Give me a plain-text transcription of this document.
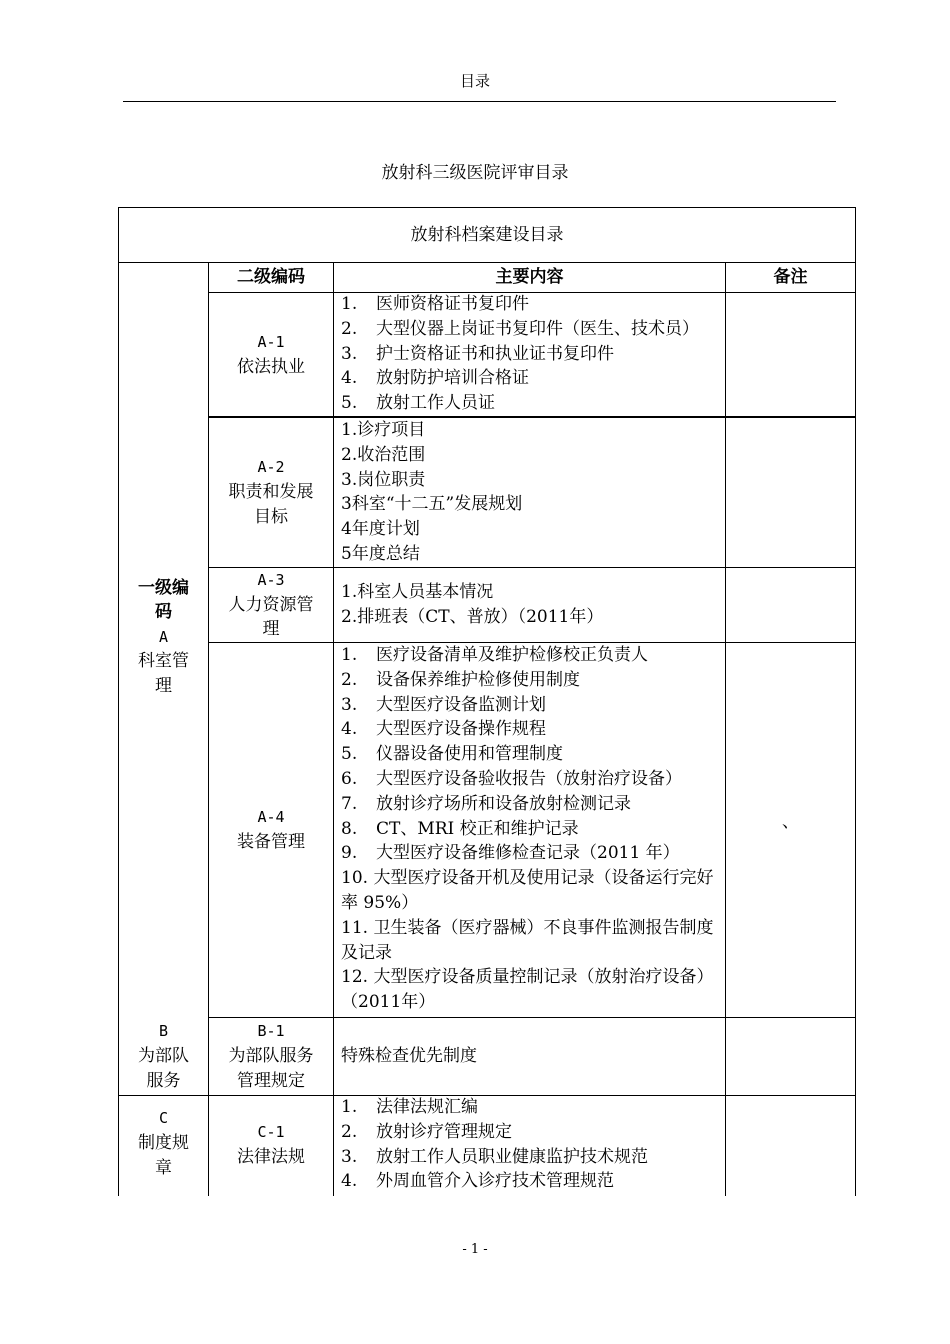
目录
放射科三级医院评审目录
放射科档案建设目录
二级编码	主要内容	备注
一级编码
A
科室管理
B
为部队服务
C
制度规章
A-1
依法执业
1. 医师资格证书复印件
2. 大型仪器上岗证书复印件（医生、技术员）
3. 护士资格证书和执业证书复印件
4. 放射防护培训合格证
5. 放射工作人员证
A-2
职责和发展目标
1.诊疗项目
2.收治范围
3.岗位职责
3科室“十二五”发展规划
4年度计划
5年度总结
A-3
人力资源管理
1.科室人员基本情况
2.排班表（CT、普放）（2011年）
A-4
装备管理
1. 医疗设备清单及维护检修校正负责人
2. 设备保养维护检修使用制度
3. 大型医疗设备监测计划
4. 大型医疗设备操作规程
5. 仪器设备使用和管理制度
6. 大型医疗设备验收报告（放射治疗设备）
7. 放射诊疗场所和设备放射检测记录
8. CT、MRI 校正和维护记录
9. 大型医疗设备维修检查记录（2011 年）
10. 大型医疗设备开机及使用记录（设备运行完好率 95%）
11. 卫生装备（医疗器械）不良事件监测报告制度及记录
12. 大型医疗设备质量控制记录（放射治疗设备）（2011年）
、
B-1
为部队服务管理规定
特殊检查优先制度
C-1
法律法规
1. 法律法规汇编
2. 放射诊疗管理规定
3. 放射工作人员职业健康监护技术规范
4. 外周血管介入诊疗技术管理规范
- 1 -
